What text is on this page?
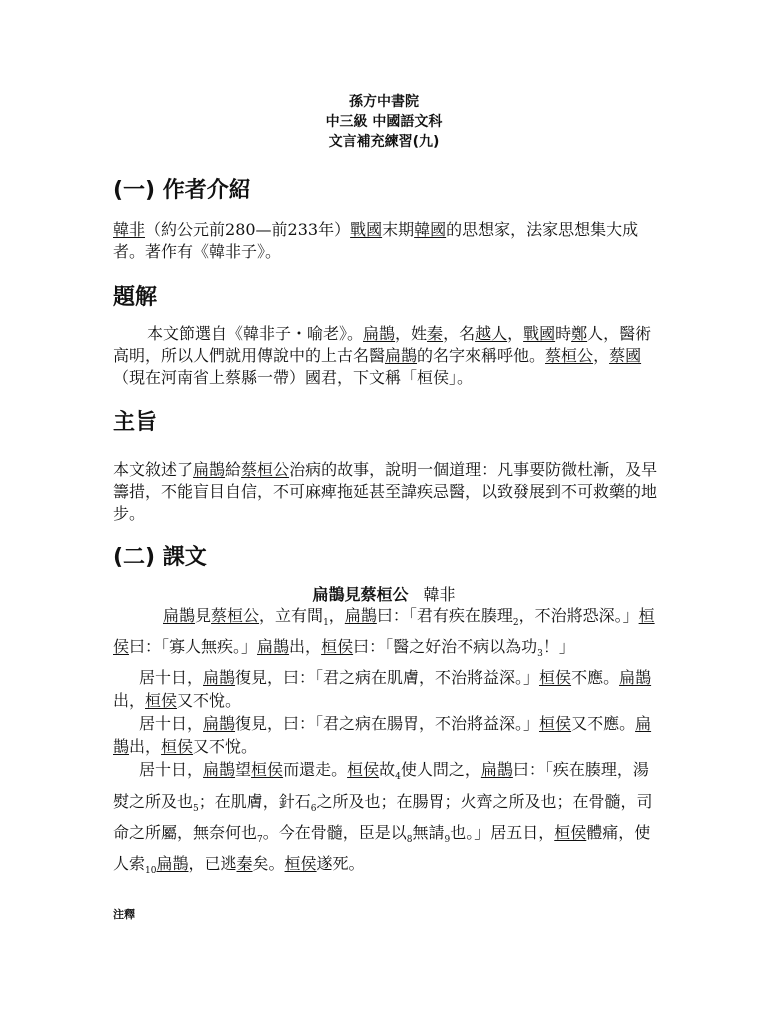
孫方中書院
中三級 中國語文科
文言補充練習(九)
(一) 作者介紹

韓非（約公元前280—前233年）戰國末期韓國的思想家，法家思想集大成者。著作有《韓非子》。

題解

本文節選自《韓非子・喻老》。扁鵲，姓秦，名越人，戰國時鄭人，醫術高明，所以人們就用傳說中的上古名醫扁鵲的名字來稱呼他。蔡桓公，蔡國（現在河南省上蔡縣一帶）國君，下文稱「桓侯」。

主旨

本文敘述了扁鵲給蔡桓公治病的故事，說明一個道理：凡事要防微杜漸，及早籌措，不能盲目自信，不可麻痺拖延甚至諱疾忌醫，以致發展到不可救藥的地步。

(二) 課文
扁鵲見蔡桓公 韓非
扁鵲見蔡桓公，立有間$_1$，扁鵲曰：「君有疾在腠理$_2$，不治將恐深。」桓侯曰：「寡人無疾。」扁鵲出，桓侯曰：「醫之好治不病以為功$_3$！」
居十日，扁鵲復見，曰：「君之病在肌膚，不治將益深。」桓侯不應。扁鵲出，桓侯又不悅。
居十日，扁鵲復見，曰：「君之病在腸胃，不治將益深。」桓侯又不應。扁鵲出，桓侯又不悅。
居十日，扁鵲望桓侯而還走。桓侯故$_4$使人問之，扁鵲曰：「疾在腠理，湯熨之所及也$_5$；在肌膚，針石$_6$之所及也；在腸胃；火齊之所及也；在骨髓，司命之所屬，無奈何也$_7$。今在骨髓，臣是以$_8$無請$_9$也。」居五日，桓侯體痛，使人索$_{10}$扁鵲，已逃秦矣。桓侯遂死。
注釋
